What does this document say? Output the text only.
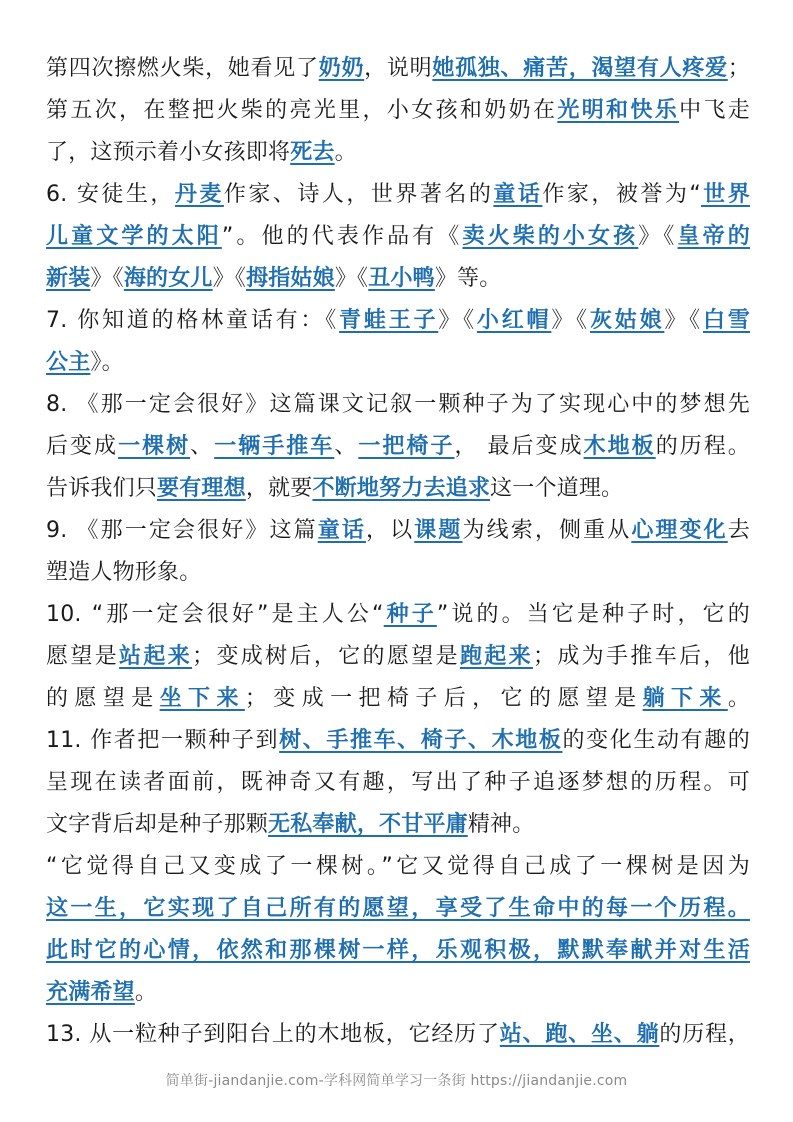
第四次擦燃火柴，她看见了奶奶，说明她孤独、痛苦，渴望有人疼爱；
第五次，在整把火柴的亮光里，小女孩和奶奶在光明和快乐中飞走
了，这预示着小女孩即将死去。
6. 安徒生，丹麦作家、诗人，世界著名的童话作家，被誉为“世界
儿童文学的太阳”。他的代表作品有《卖火柴的小女孩》《皇帝的
新装》《海的女儿》《拇指姑娘》《丑小鸭》等。
7. 你知道的格林童话有：《青蛙王子》《小红帽》《灰姑娘》《白雪
公主》。
8. 《那一定会很好》这篇课文记叙一颗种子为了实现心中的梦想先
后变成一棵树、一辆手推车、一把椅子， 最后变成木地板的历程。
告诉我们只要有理想，就要不断地努力去追求这一个道理。
9. 《那一定会很好》这篇童话，以课题为线索，侧重从心理变化去
塑造人物形象。
10. “那一定会很好”是主人公“种子”说的。当它是种子时，它的
愿望是站起来；变成树后，它的愿望是跑起来；成为手推车后，他
的愿望是坐下来；变成一把椅子后，它的愿望是躺下来。
11. 作者把一颗种子到树、手推车、椅子、木地板的变化生动有趣的
呈现在读者面前，既神奇又有趣，写出了种子追逐梦想的历程。可
文字背后却是种子那颗无私奉献，不甘平庸精神。
“它觉得自己又变成了一棵树。”它又觉得自己成了一棵树是因为
这一生，它实现了自己所有的愿望，享受了生命中的每一个历程。
此时它的心情，依然和那棵树一样，乐观积极，默默奉献并对生活
充满希望。
13. 从一粒种子到阳台上的木地板，它经历了站、跑、坐、躺的历程，
简单街-jiandanjie.com-学科网简单学习一条街 https://jiandanjie.com
